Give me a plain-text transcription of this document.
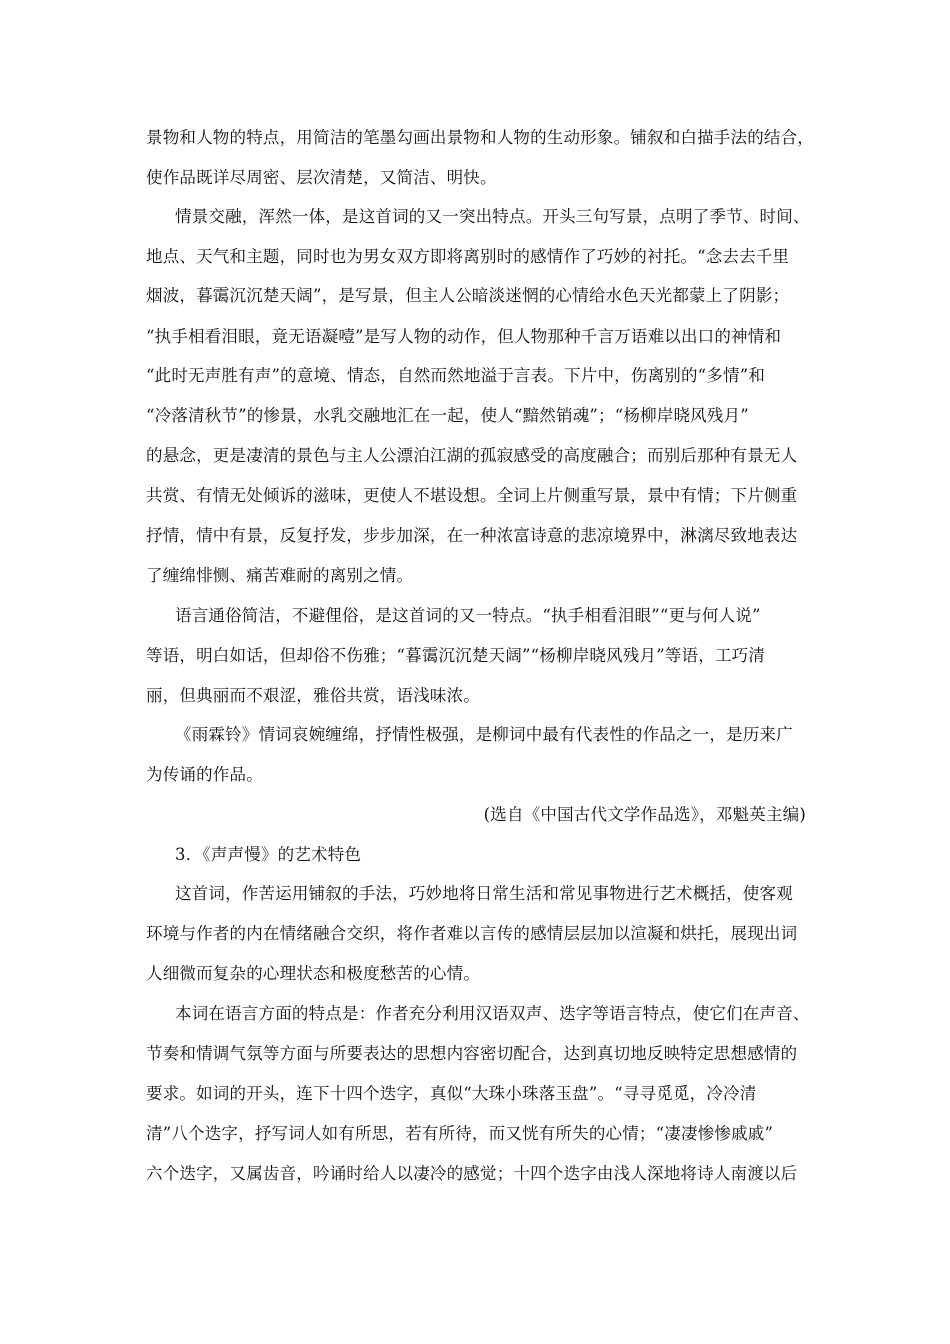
景物和人物的特点，用简洁的笔墨勾画出景物和人物的生动形象。铺叙和白描手法的结合，
使作品既详尽周密、层次清楚，又简洁、明快。
情景交融，浑然一体，是这首词的又一突出特点。开头三句写景，点明了季节、时间、
地点、天气和主题，同时也为男女双方即将离别时的感情作了巧妙的衬托。“念去去千里
烟波，暮霭沉沉楚天阔”，是写景，但主人公暗淡迷惘的心情给水色天光都蒙上了阴影；
“执手相看泪眼，竟无语凝噎”是写人物的动作，但人物那种千言万语难以出口的神情和
“此时无声胜有声”的意境、情态，自然而然地溢于言表。下片中，伤离别的“多情”和
“冷落清秋节”的惨景，水乳交融地汇在一起，使人“黯然销魂”；“杨柳岸晓风残月”
的悬念，更是凄清的景色与主人公漂泊江湖的孤寂感受的高度融合；而别后那种有景无人
共赏、有情无处倾诉的滋味，更使人不堪设想。全词上片侧重写景，景中有情；下片侧重
抒情，情中有景，反复抒发，步步加深，在一种浓富诗意的悲凉境界中，淋漓尽致地表达
了缠绵悱恻、痛苦难耐的离别之情。
语言通俗简洁，不避俚俗，是这首词的又一特点。“执手相看泪眼”“更与何人说”
等语，明白如话，但却俗不伤雅；“暮霭沉沉楚天阔”“杨柳岸晓风残月”等语，工巧清
丽，但典丽而不艰涩，雅俗共赏，语浅味浓。
《雨霖铃》情词哀婉缠绵，抒情性极强，是柳词中最有代表性的作品之一，是历来广
为传诵的作品。
(选自《中国古代文学作品选》，邓魁英主编)
3．《声声慢》的艺术特色
这首词，作苦运用铺叙的手法，巧妙地将日常生活和常见事物进行艺术概括，使客观
环境与作者的内在情绪融合交织，将作者难以言传的感情层层加以渲凝和烘托，展现出词
人细微而复杂的心理状态和极度愁苦的心情。
本词在语言方面的特点是：作者充分利用汉语双声、迭字等语言特点，使它们在声音、
节奏和情调气氛等方面与所要表达的思想内容密切配合，达到真切地反映特定思想感情的
要求。如词的开头，连下十四个迭字，真似“大珠小珠落玉盘”。“寻寻觅觅，冷冷清
清”八个迭字，抒写词人如有所思，若有所待，而又恍有所失的心情；“凄凄惨惨戚戚”
六个迭字，又属齿音，吟诵时给人以凄冷的感觉；十四个迭字由浅人深地将诗人南渡以后
